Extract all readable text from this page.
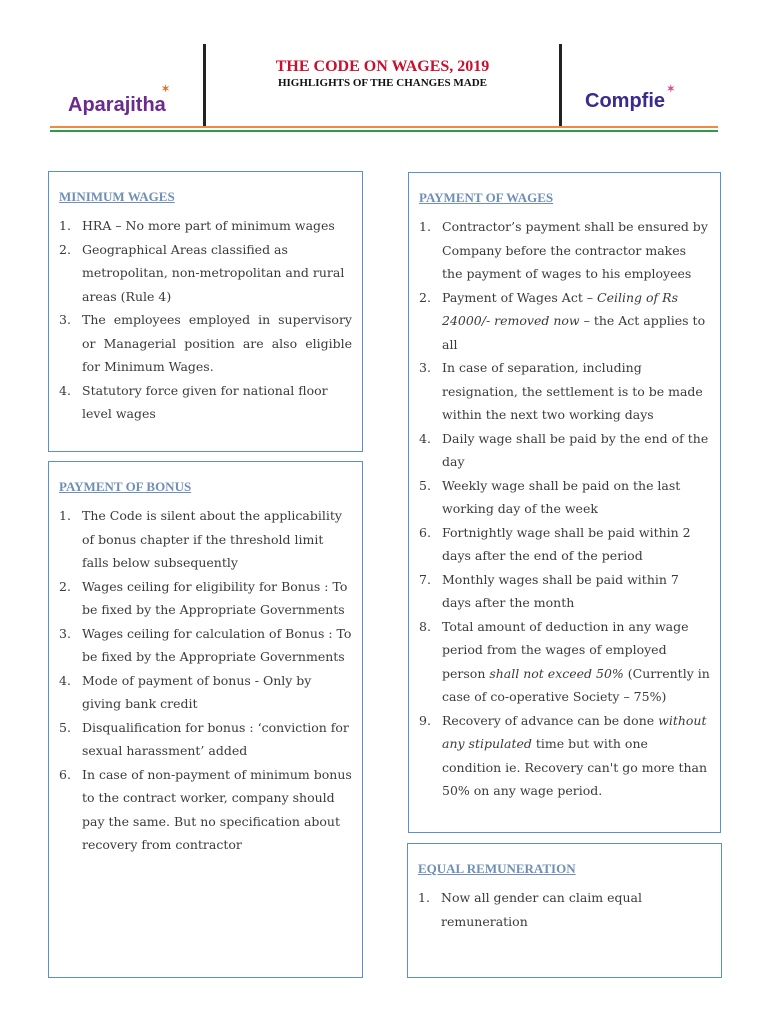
Aparajitha
✶
THE CODE ON WAGES, 2019
HIGHLIGHTS OF THE CHANGES MADE
Compfie
✶
MINIMUM WAGES
1. HRA – No more part of minimum wages
2. Geographical Areas classified as metropolitan, non-metropolitan and rural areas (Rule 4)
3. The employees employed in supervisory or Managerial position are also eligible for Minimum Wages.
4. Statutory force given for national floor level wages
PAYMENT OF BONUS
1. The Code is silent about the applicability of bonus chapter if the threshold limit falls below subsequently
2. Wages ceiling for eligibility for Bonus : To be fixed by the Appropriate Governments
3. Wages ceiling for calculation of Bonus : To be fixed by the Appropriate Governments
4. Mode of payment of bonus - Only by giving bank credit
5. Disqualification for bonus : ‘conviction for sexual harassment’ added
6. In case of non-payment of minimum bonus to the contract worker, company should pay the same. But no specification about recovery from contractor
PAYMENT OF WAGES
1. Contractor’s payment shall be ensured by Company before the contractor makes the payment of wages to his employees
2. Payment of Wages Act – Ceiling of Rs 24000/- removed now – the Act applies to all
3. In case of separation, including resignation, the settlement is to be made within the next two working days
4. Daily wage shall be paid by the end of the day
5. Weekly wage shall be paid on the last working day of the week
6. Fortnightly wage shall be paid within 2 days after the end of the period
7. Monthly wages shall be paid within 7 days after the month
8. Total amount of deduction in any wage period from the wages of employed person shall not exceed 50% (Currently in case of co-operative Society – 75%)
9. Recovery of advance can be done without any stipulated time but with one condition ie. Recovery can't go more than 50% on any wage period.
EQUAL REMUNERATION
1. Now all gender can claim equal remuneration
